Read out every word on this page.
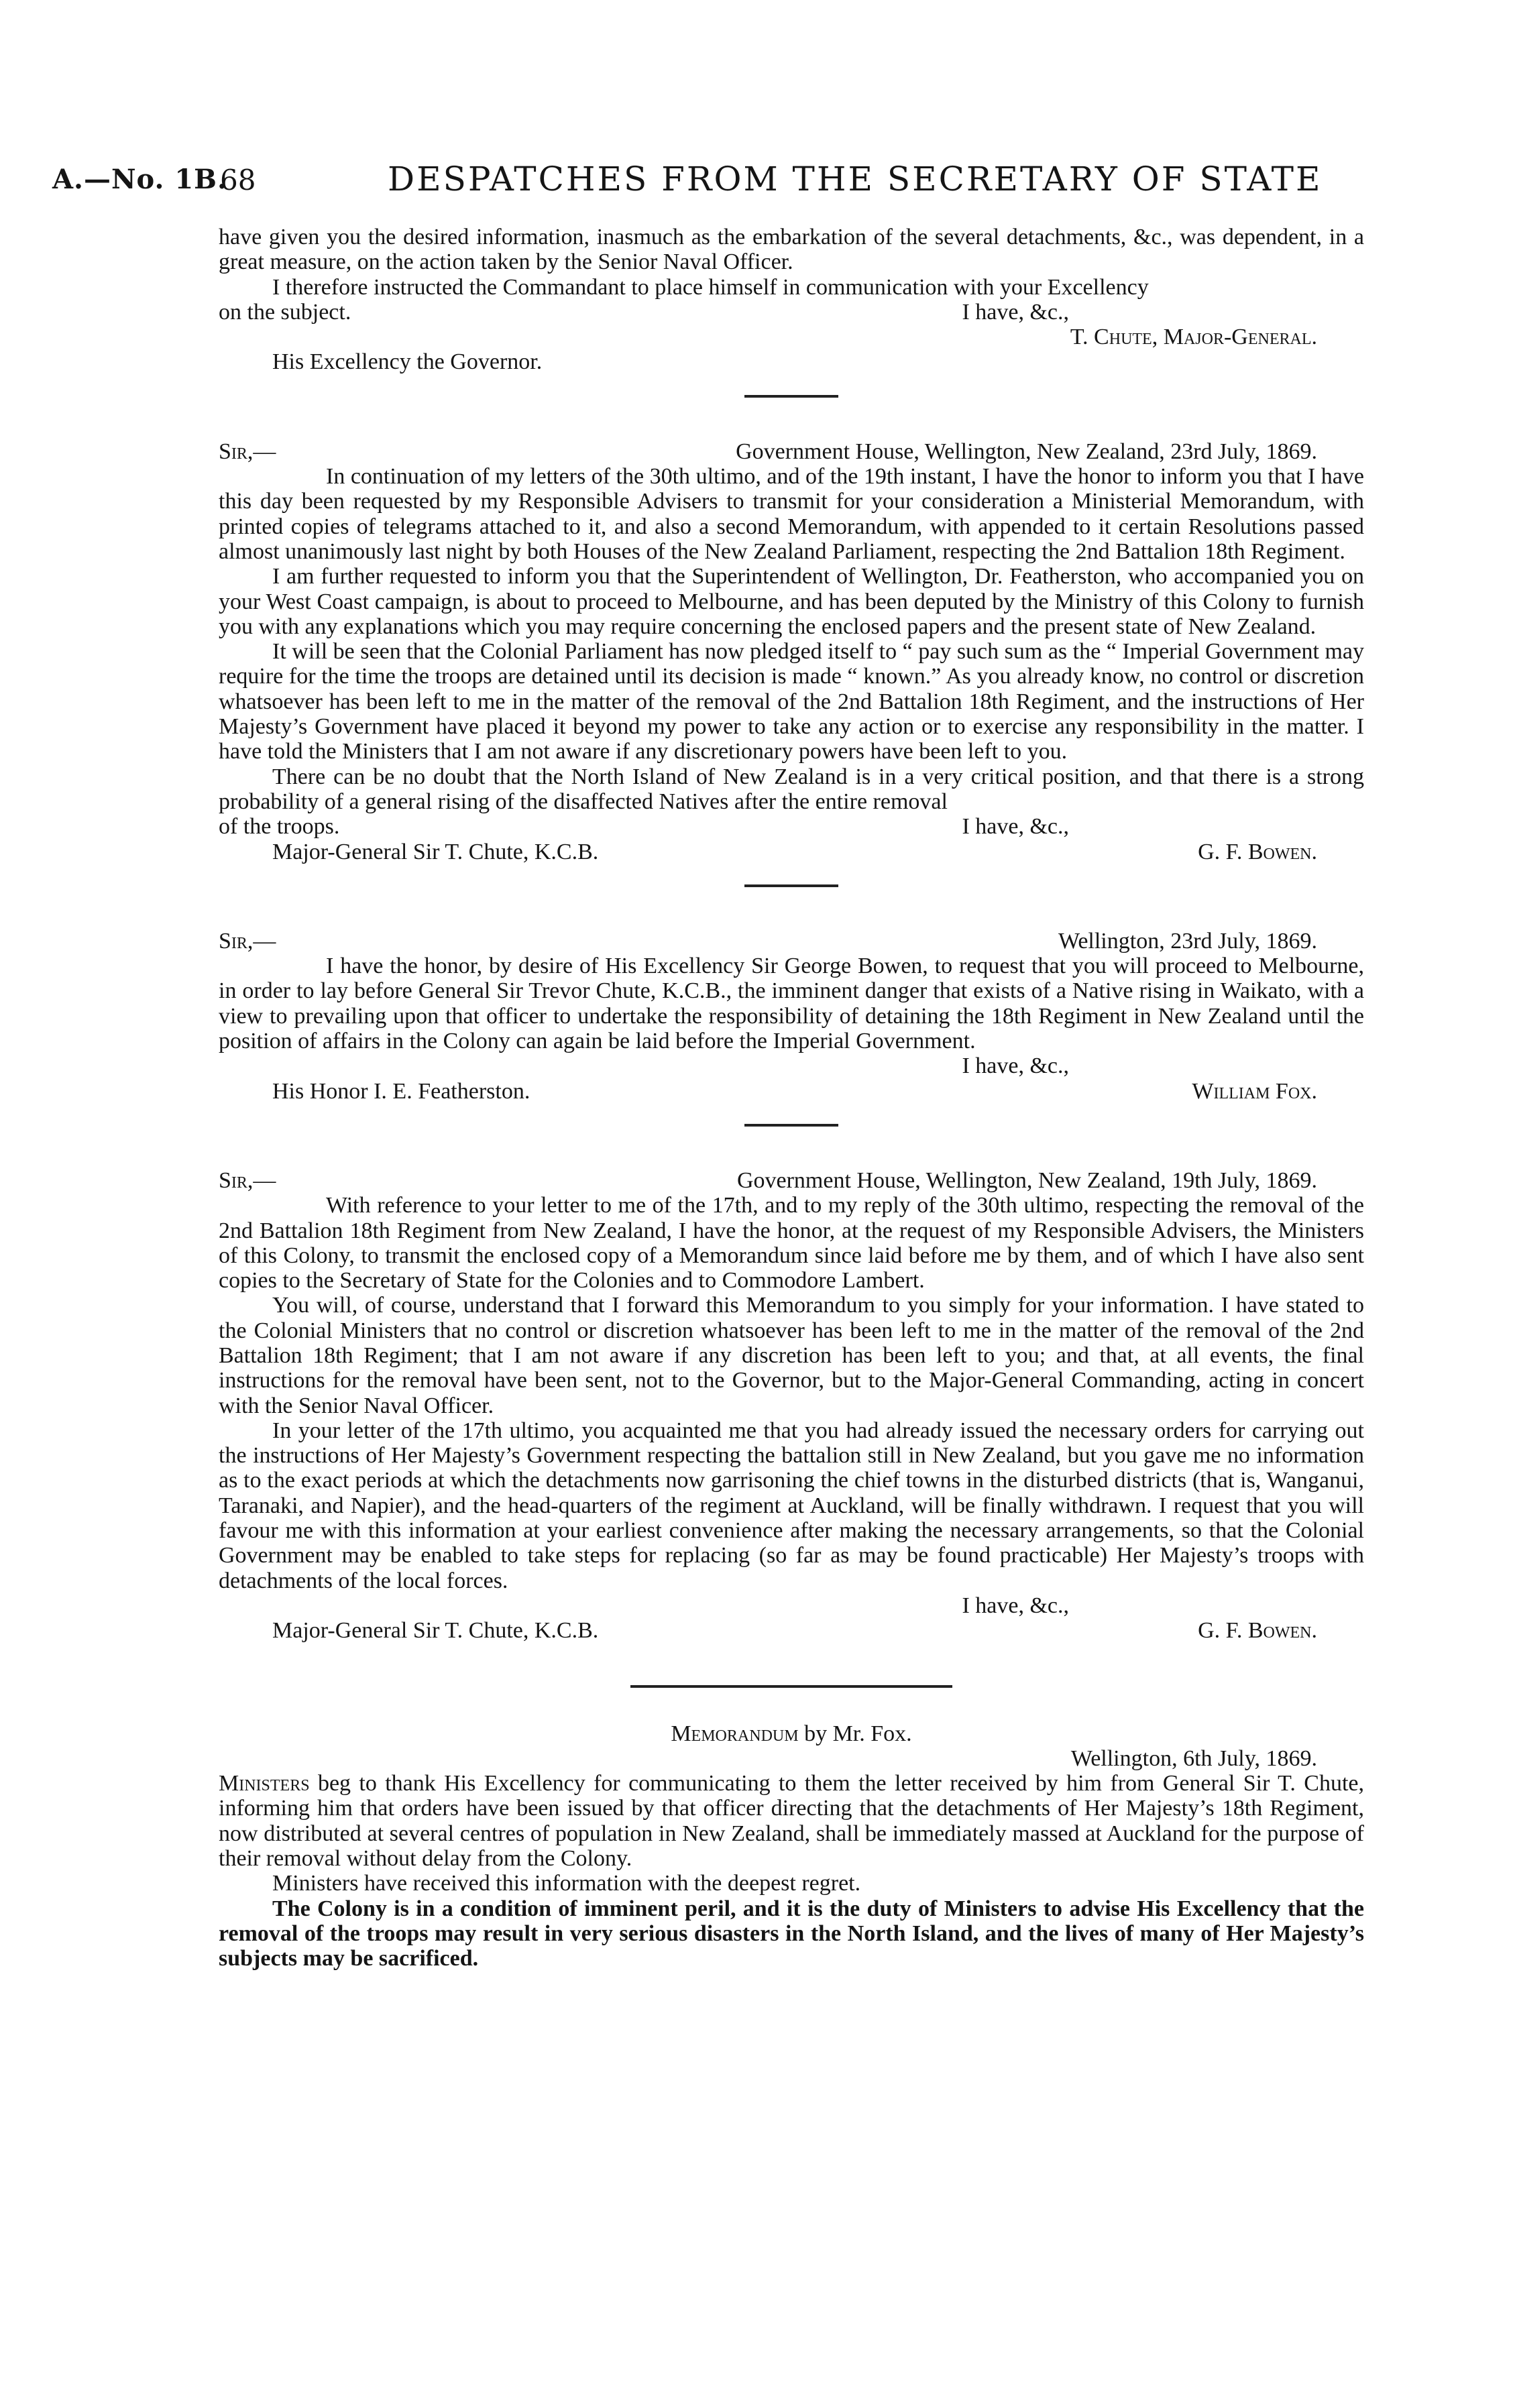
A.—No. 1B.
68	DESPATCHES FROM THE SECRETARY OF STATE

have given you the desired information, inasmuch as the embarkation of the several detachments, &c., was dependent, in a great measure, on the action taken by the Senior Naval Officer.

I therefore instructed the Commandant to place himself in communication with your Excellency

on the subject.	I have, &c.,
T. Chute, Major-General.
His Excellency the Governor.
Sir,—	Government House, Wellington, New Zealand, 23rd July, 1869.

In continuation of my letters of the 30th ultimo, and of the 19th instant, I have the honor to inform you that I have this day been requested by my Responsible Advisers to transmit for your consideration a Ministerial Memorandum, with printed copies of telegrams attached to it, and also a second Memorandum, with appended to it certain Resolutions passed almost unanimously last night by both Houses of the New Zealand Parliament, respecting the 2nd Battalion 18th Regiment.

I am further requested to inform you that the Superintendent of Wellington, Dr. Featherston, who accompanied you on your West Coast campaign, is about to proceed to Melbourne, and has been deputed by the Ministry of this Colony to furnish you with any explanations which you may require concerning the enclosed papers and the present state of New Zealand.

It will be seen that the Colonial Parliament has now pledged itself to “ pay such sum as the “ Imperial Government may require for the time the troops are detained until its decision is made “ known.” As you already know, no control or discretion whatsoever has been left to me in the matter of the removal of the 2nd Battalion 18th Regiment, and the instructions of Her Majesty’s Government have placed it beyond my power to take any action or to exercise any responsibility in the matter. I have told the Ministers that I am not aware if any discretionary powers have been left to you.

There can be no doubt that the North Island of New Zealand is in a very critical position, and that there is a strong probability of a general rising of the disaffected Natives after the entire removal

of the troops.	I have, &c.,
Major-General Sir T. Chute, K.C.B.	G. F. Bowen.
Sir,—	Wellington, 23rd July, 1869.

I have the honor, by desire of His Excellency Sir George Bowen, to request that you will proceed to Melbourne, in order to lay before General Sir Trevor Chute, K.C.B., the imminent danger that exists of a Native rising in Waikato, with a view to prevailing upon that officer to undertake the responsibility of detaining the 18th Regiment in New Zealand until the position of affairs in the Colony can again be laid before the Imperial Government.

I have, &c.,
His Honor I. E. Featherston.	William Fox.
Sir,—	Government House, Wellington, New Zealand, 19th July, 1869.

With reference to your letter to me of the 17th, and to my reply of the 30th ultimo, respecting the removal of the 2nd Battalion 18th Regiment from New Zealand, I have the honor, at the request of my Responsible Advisers, the Ministers of this Colony, to transmit the enclosed copy of a Memorandum since laid before me by them, and of which I have also sent copies to the Secretary of State for the Colonies and to Commodore Lambert.

You will, of course, understand that I forward this Memorandum to you simply for your information. I have stated to the Colonial Ministers that no control or discretion whatsoever has been left to me in the matter of the removal of the 2nd Battalion 18th Regiment; that I am not aware if any discretion has been left to you; and that, at all events, the final instructions for the removal have been sent, not to the Governor, but to the Major-General Commanding, acting in concert with the Senior Naval Officer.

In your letter of the 17th ultimo, you acquainted me that you had already issued the necessary orders for carrying out the instructions of Her Majesty’s Government respecting the battalion still in New Zealand, but you gave me no information as to the exact periods at which the detachments now garrisoning the chief towns in the disturbed districts (that is, Wanganui, Taranaki, and Napier), and the head-quarters of the regiment at Auckland, will be finally withdrawn. I request that you will favour me with this information at your earliest convenience after making the necessary arrangements, so that the Colonial Government may be enabled to take steps for replacing (so far as may be found practicable) Her Majesty’s troops with detachments of the local forces.

I have, &c.,
Major-General Sir T. Chute, K.C.B.	G. F. Bowen.
Memorandum by Mr. Fox.
Wellington, 6th July, 1869.

Ministers beg to thank His Excellency for communicating to them the letter received by him from General Sir T. Chute, informing him that orders have been issued by that officer directing that the detachments of Her Majesty’s 18th Regiment, now distributed at several centres of population in New Zealand, shall be immediately massed at Auckland for the purpose of their removal without delay from the Colony.

Ministers have received this information with the deepest regret.

The Colony is in a condition of imminent peril, and it is the duty of Ministers to advise His Excellency that the removal of the troops may result in very serious disasters in the North Island, and the lives of many of Her Majesty’s subjects may be sacrificed.
